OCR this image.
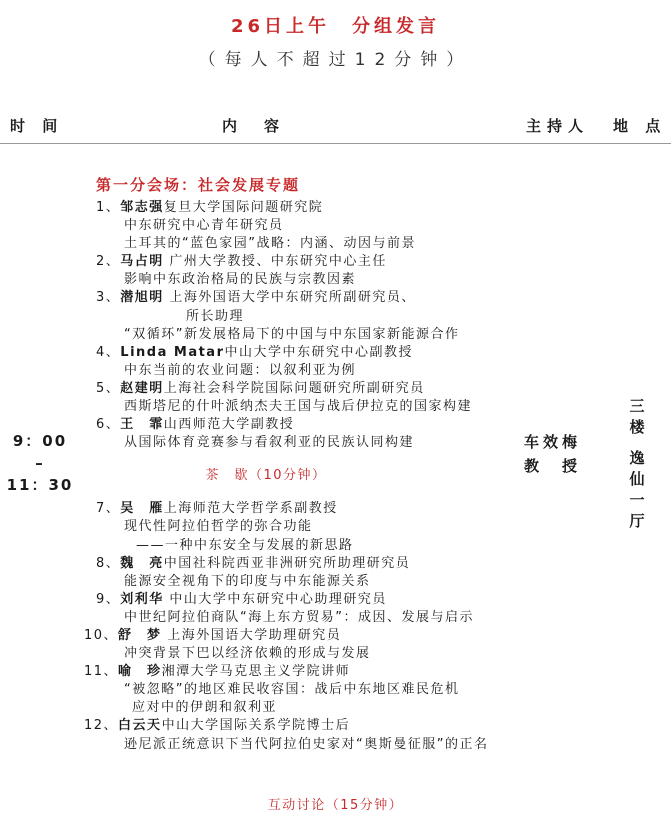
26日上午　分组发言
（每人不超过12分钟）
时 间	内　容	主持人 地 点
9：00
–
11：30
车效梅
教　授
三
楼
逸
仙
一
厅
第一分会场：社会发展专题
1、邹志强复旦大学国际问题研究院
中东研究中心青年研究员
土耳其的“蓝色家园”战略：内涵、动因与前景
2、马占明 广州大学教授、中东研究中心主任
影响中东政治格局的民族与宗教因素
3、潜旭明 上海外国语大学中东研究所副研究员、
所长助理
“双循环”新发展格局下的中国与中东国家新能源合作
4、Linda Matar中山大学中东研究中心副教授
中东当前的农业问题：以叙利亚为例
5、赵建明上海社会科学院国际问题研究所副研究员
西斯塔尼的什叶派纳杰夫王国与战后伊拉克的国家构建
6、王　霏山西师范大学副教授
从国际体育竞赛参与看叙利亚的民族认同构建
茶　歇（10分钟）
7、吴　雁上海师范大学哲学系副教授
现代性阿拉伯哲学的弥合功能
——一种中东安全与发展的新思路
8、魏　亮中国社科院西亚非洲研究所助理研究员
能源安全视角下的印度与中东能源关系
9、刘利华 中山大学中东研究中心助理研究员
中世纪阿拉伯商队“海上东方贸易”：成因、发展与启示
10、舒　梦 上海外国语大学助理研究员
冲突背景下巴以经济依赖的形成与发展
11、喻　珍湘潭大学马克思主义学院讲师
“被忽略”的地区难民收容国：战后中东地区难民危机
应对中的伊朗和叙利亚
12、白云天中山大学国际关系学院博士后
逊尼派正统意识下当代阿拉伯史家对“奥斯曼征服”的正名
互动讨论（15分钟）
